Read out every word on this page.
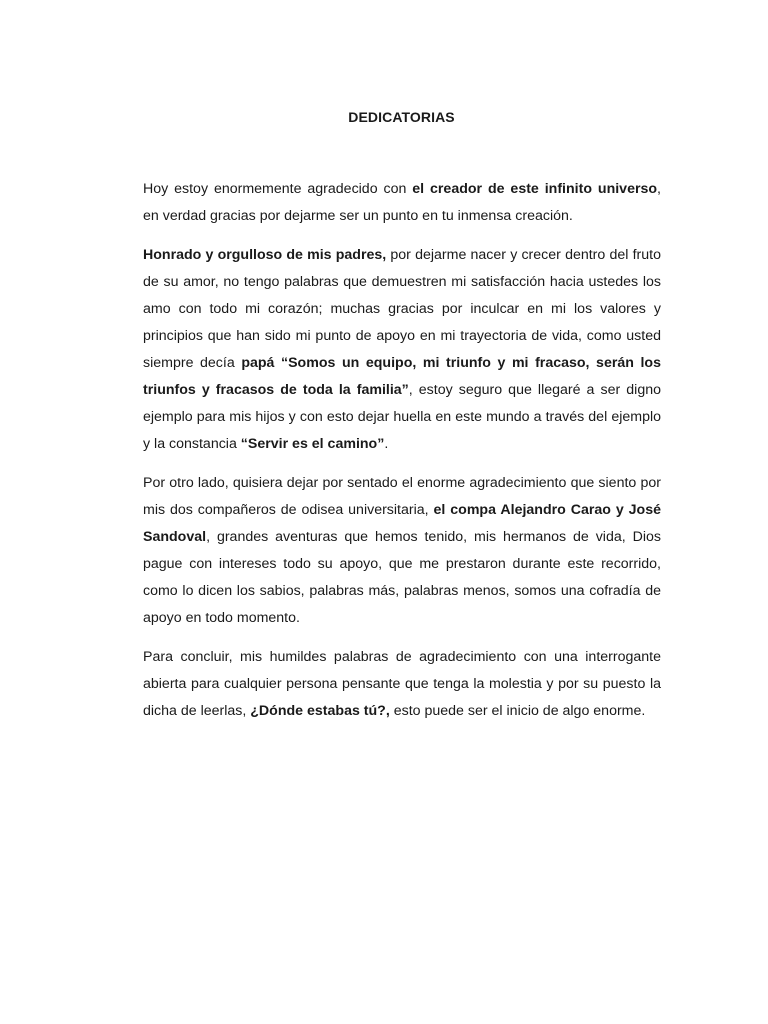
DEDICATORIAS

Hoy estoy enormemente agradecido con el creador de este infinito universo, en verdad gracias por dejarme ser un punto en tu inmensa creación.

Honrado y orgulloso de mis padres, por dejarme nacer y crecer dentro del fruto de su amor, no tengo palabras que demuestren mi satisfacción hacia ustedes los amo con todo mi corazón; muchas gracias por inculcar en mi los valores y principios que han sido mi punto de apoyo en mi trayectoria de vida, como usted siempre decía papá “Somos un equipo, mi triunfo y mi fracaso, serán los triunfos y fracasos de toda la familia”, estoy seguro que llegaré a ser digno ejemplo para mis hijos y con esto dejar huella en este mundo a través del ejemplo y la constancia “Servir es el camino”.

Por otro lado, quisiera dejar por sentado el enorme agradecimiento que siento por mis dos compañeros de odisea universitaria, el compa Alejandro Carao y José Sandoval, grandes aventuras que hemos tenido, mis hermanos de vida, Dios pague con intereses todo su apoyo, que me prestaron durante este recorrido, como lo dicen los sabios, palabras más, palabras menos, somos una cofradía de apoyo en todo momento.

Para concluir, mis humildes palabras de agradecimiento con una interrogante abierta para cualquier persona pensante que tenga la molestia y por su puesto la dicha de leerlas, ¿Dónde estabas tú?, esto puede ser el inicio de algo enorme.
